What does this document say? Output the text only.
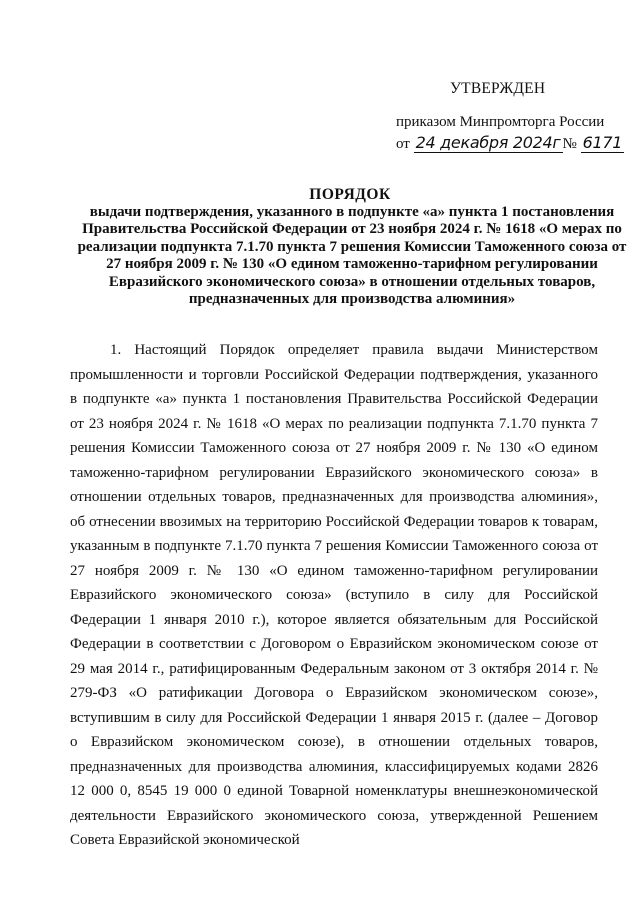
УТВЕРЖДЕН
приказом Минпромторга России
от 24 декабря 2024г № 6171
ПОРЯДОК
выдачи подтверждения, указанного в подпункте «а» пункта 1 постановления Правительства Российской Федерации от 23 ноября 2024 г. № 1618 «О мерах по реализации подпункта 7.1.70 пункта 7 решения Комиссии Таможенного союза от 27 ноября 2009 г. № 130 «О едином таможенно-тарифном регулировании Евразийского экономического союза» в отношении отдельных товаров, предназначенных для производства алюминия»

1. Настоящий Порядок определяет правила выдачи Министерством промышленности и торговли Российской Федерации подтверждения, указанного в подпункте «а» пункта 1 постановления Правительства Российской Федерации от 23 ноября 2024 г. № 1618 «О мерах по реализации подпункта 7.1.70 пункта 7 решения Комиссии Таможенного союза от 27 ноября 2009 г. № 130 «О едином таможенно-тарифном регулировании Евразийского экономического союза» в отношении отдельных товаров, предназначенных для производства алюминия», об отнесении ввозимых на территорию Российской Федерации товаров к товарам, указанным в подпункте 7.1.70 пункта 7 решения Комиссии Таможенного союза от 27 ноября 2009 г. № 130 «О едином таможенно-тарифном регулировании Евразийского экономического союза» (вступило в силу для Российской Федерации 1 января 2010 г.), которое является обязательным для Российской Федерации в соответствии с Договором о Евразийском экономическом союзе от 29 мая 2014 г., ратифицированным Федеральным законом от 3 октября 2014 г. № 279-ФЗ «О ратификации Договора о Евразийском экономическом союзе», вступившим в силу для Российской Федерации 1 января 2015 г. (далее – Договор о Евразийском экономическом союзе), в отношении отдельных товаров, предназначенных для производства алюминия, классифицируемых кодами 2826 12 000 0, 8545 19 000 0 единой Товарной номенклатуры внешнеэкономической деятельности Евразийского экономического союза, утвержденной Решением Совета Евразийской экономической
